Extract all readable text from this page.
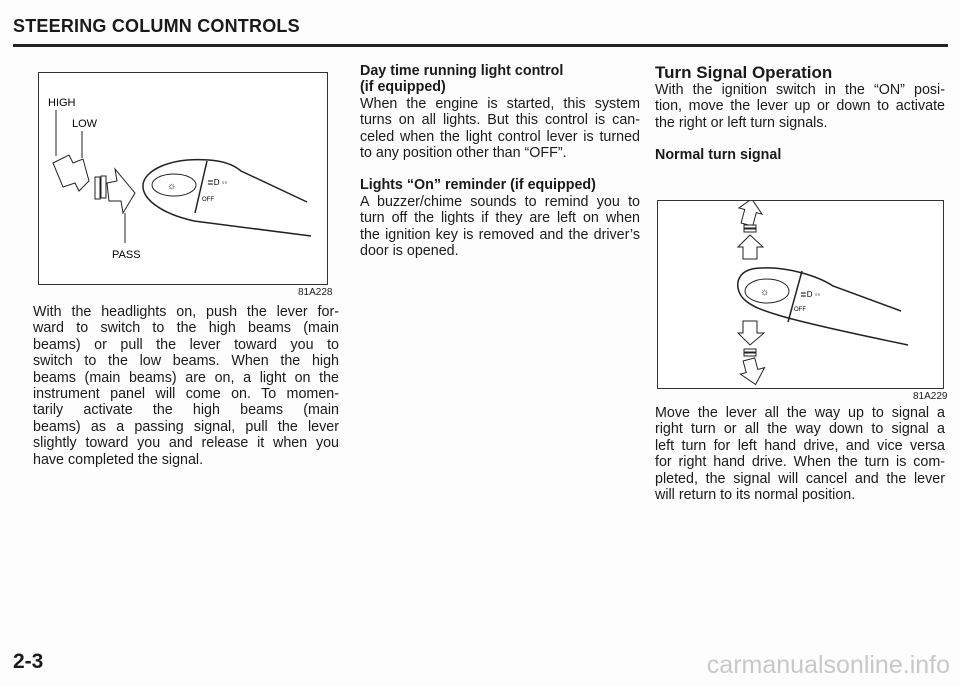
STEERING COLUMN CONTROLS
HIGH
LOW
PASS
☼	≣D ◦◦
OFF
81A228
With the headlights on, push the lever for-
ward to switch to the high beams (main
beams) or pull the lever toward you to
switch to the low beams. When the high
beams (main beams) are on, a light on the
instrument panel will come on. To momen-
tarily activate the high beams (main
beams) as a passing signal, pull the lever
slightly toward you and release it when you
have completed the signal.
Day time running light control
(if equipped)
When the engine is started, this system
turns on all lights. But this control is can-
celed when the light control lever is turned
to any position other than “OFF”.
Lights “On” reminder (if equipped)
A buzzer/chime sounds to remind you to
turn off the lights if they are left on when
the ignition key is removed and the driver’s
door is opened.
Turn Signal Operation
With the ignition switch in the “ON” posi-
tion, move the lever up or down to activate
the right or left turn signals.
Normal turn signal
☼	≣D ◦◦
OFF
81A229
Move the lever all the way up to signal a
right turn or all the way down to signal a
left turn for left hand drive, and vice versa
for right hand drive. When the turn is com-
pleted, the signal will cancel and the lever
will return to its normal position.
2-3	carmanualsonline.info
